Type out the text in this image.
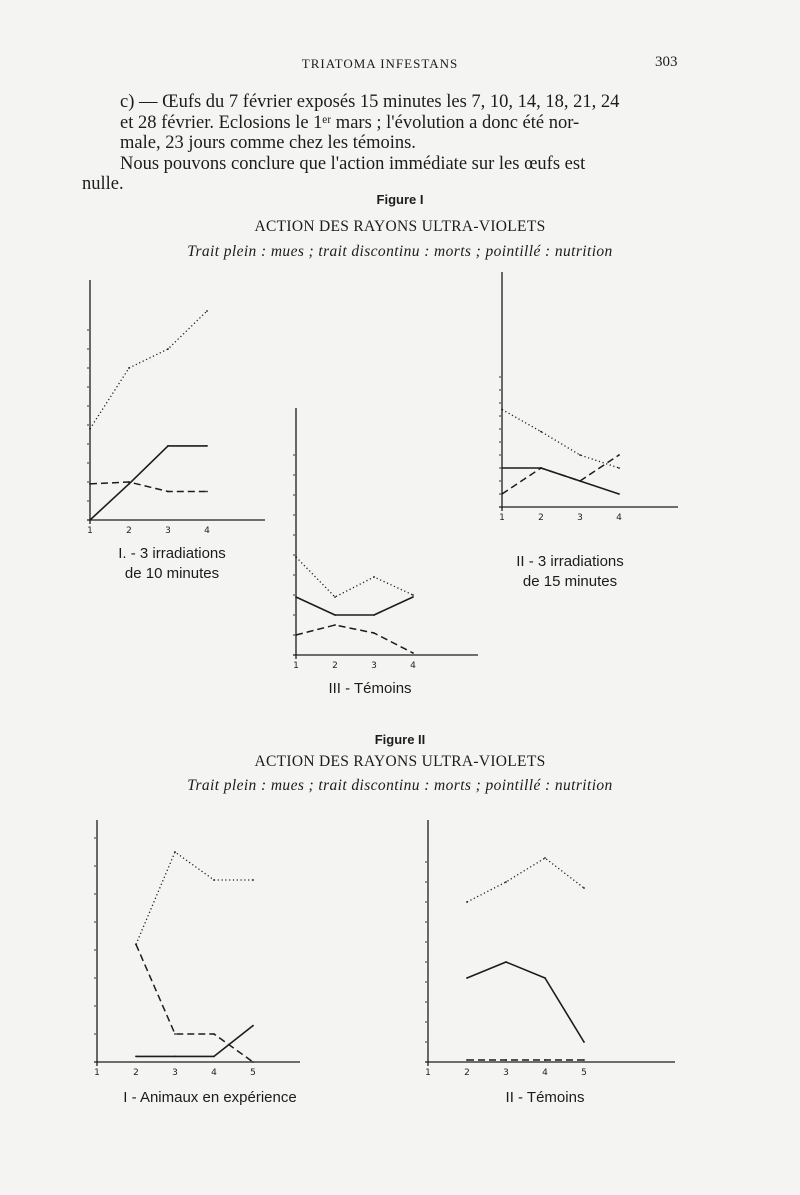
TRIATOMA INFESTANS	303

c) — Œufs du 7 février exposés 15 minutes les 7, 10, 14, 18, 21, 24

et 28 février. Eclosions le 1ᵉʳ mars ; l'évolution a donc été nor-

male, 23 jours comme chez les témoins.

Nous pouvons conclure que l'action immédiate sur les œufs est

nulle.

Figure I
ACTION DES RAYONS ULTRA-VIOLETS
Trait plein : mues ; trait discontinu : morts ; pointillé : nutrition
I. - 3 irradiations
de 10 minutes
II - 3 irradiations
de 15 minutes
III - Témoins
Figure II
ACTION DES RAYONS ULTRA-VIOLETS
Trait plein : mues ; trait discontinu : morts ; pointillé : nutrition
I - Animaux en expérience	II - Témoins
1	2	3	4
1	2	3	4
1	2	3	4
1	2	3	4	5	1	2	3	4	5
